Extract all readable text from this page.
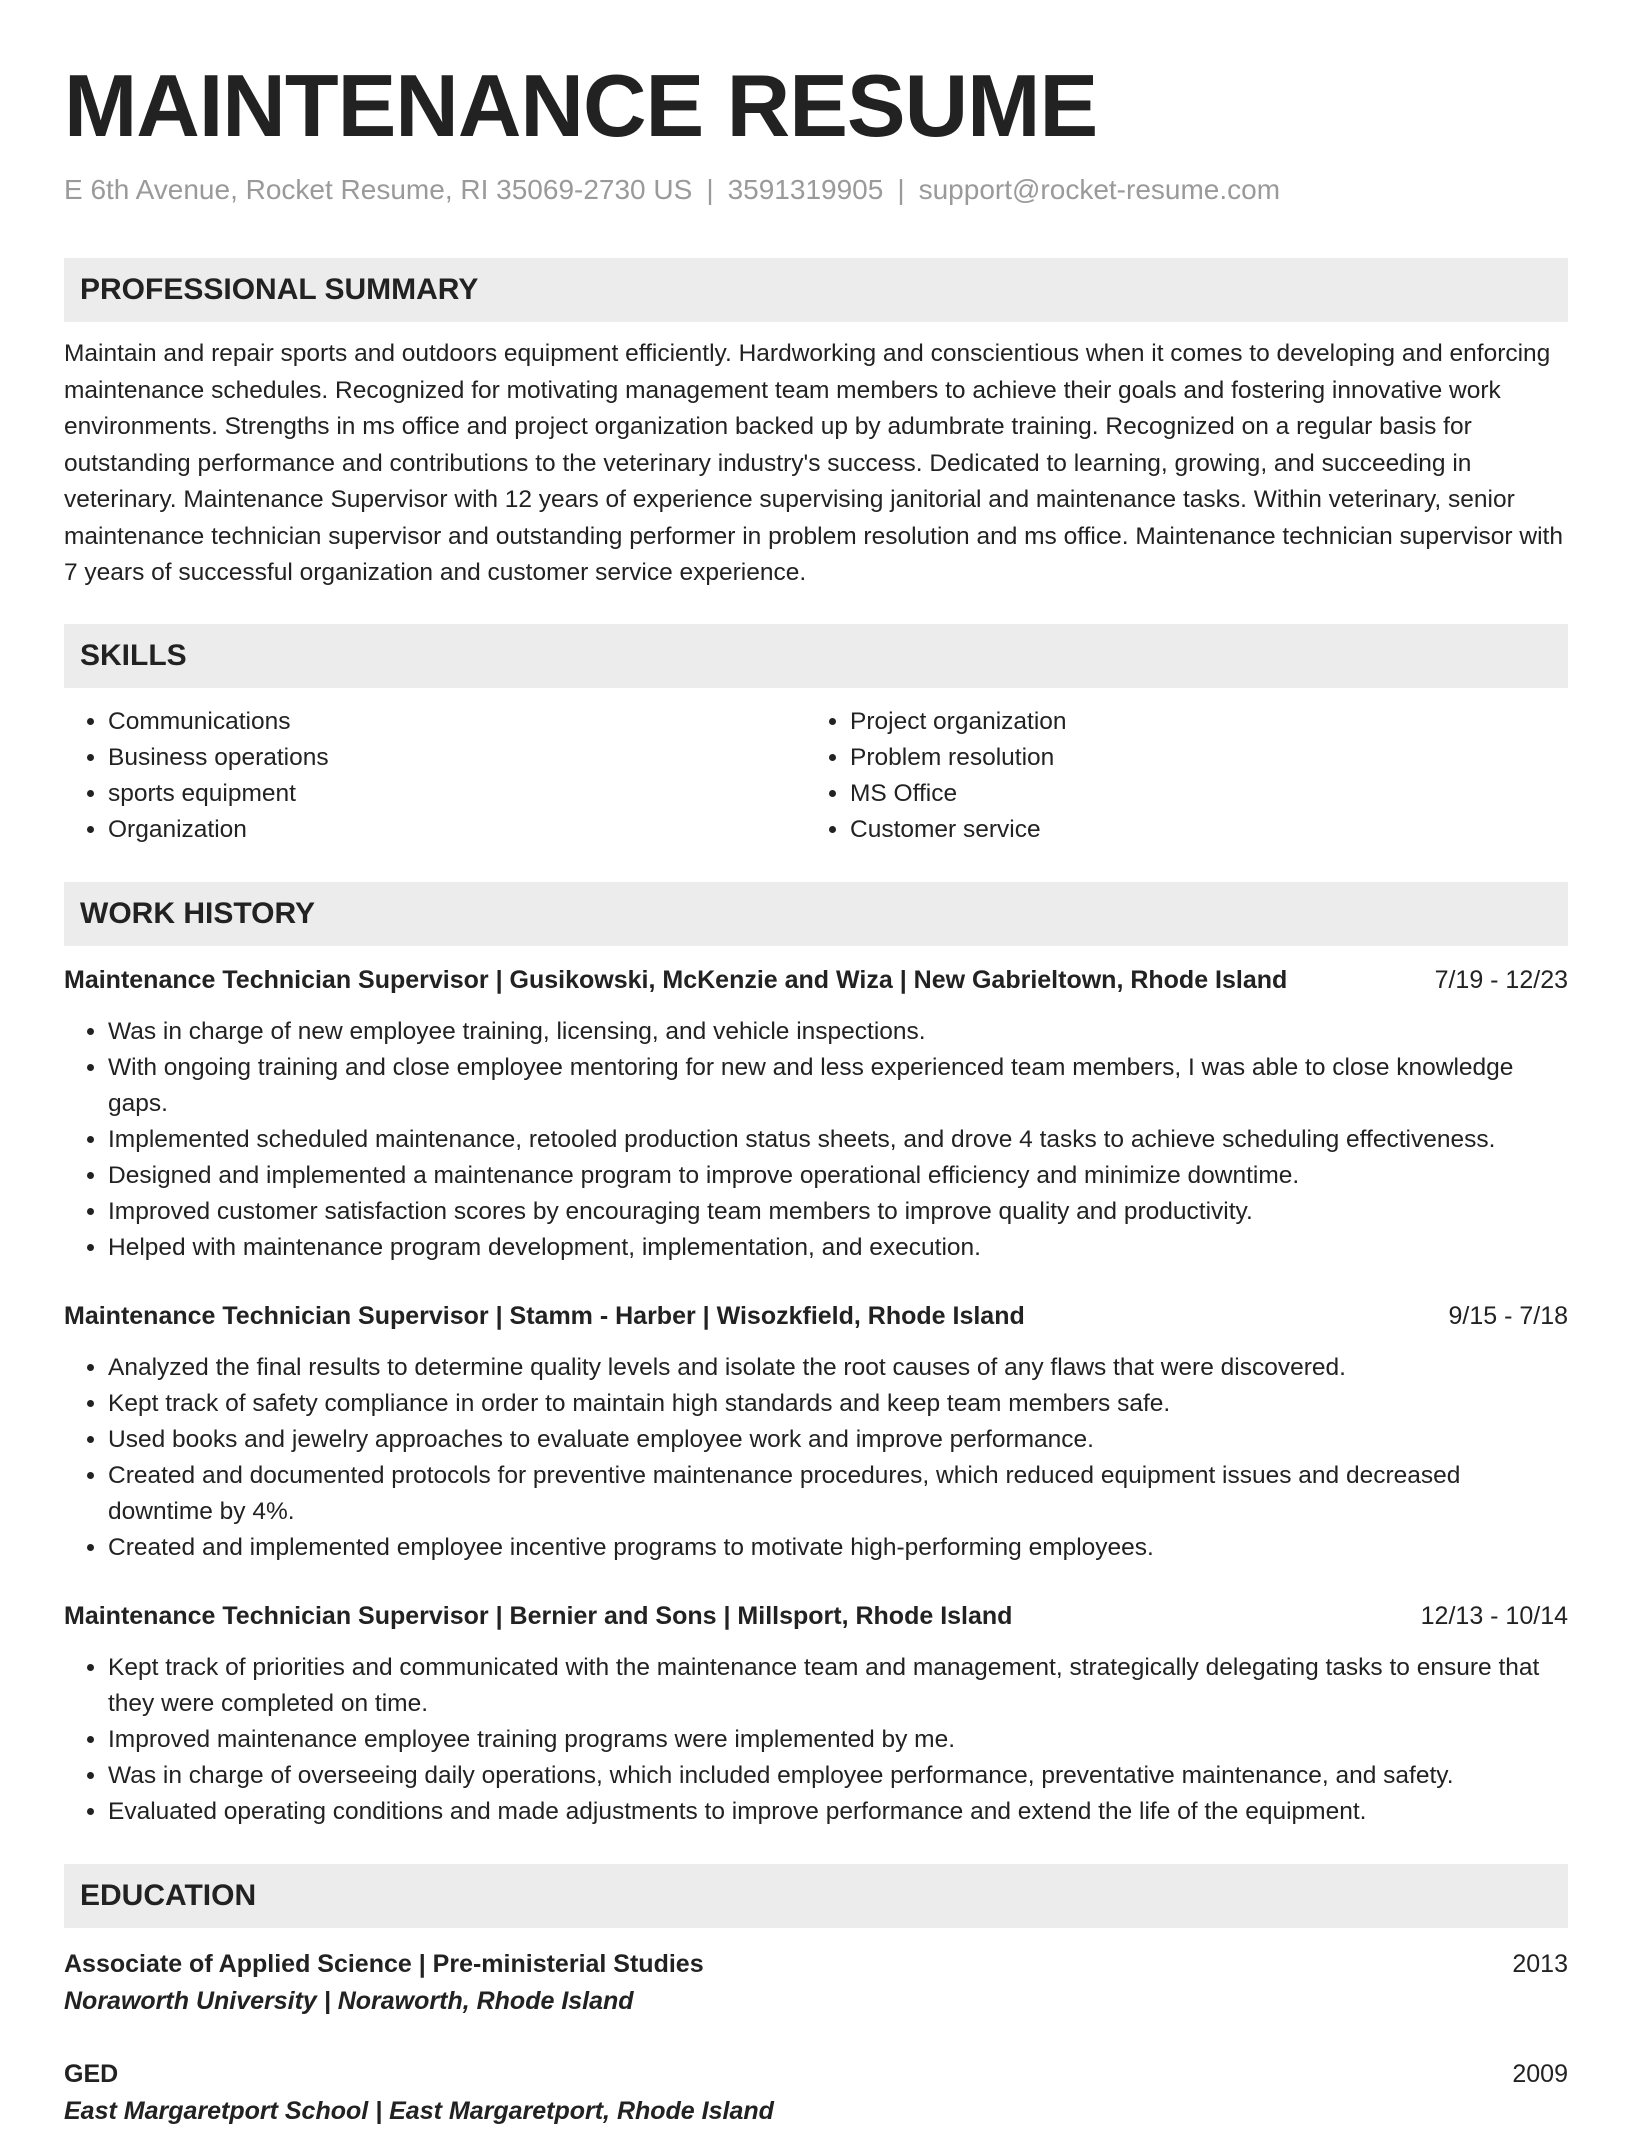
MAINTENANCE RESUME
E 6th Avenue, Rocket Resume, RI 35069-2730 US | 3591319905 | support@rocket-resume.com
PROFESSIONAL SUMMARY
Maintain and repair sports and outdoors equipment efficiently. Hardworking and conscientious when it comes to developing and enforcing maintenance schedules. Recognized for motivating management team members to achieve their goals and fostering innovative work environments. Strengths in ms office and project organization backed up by adumbrate training. Recognized on a regular basis for outstanding performance and contributions to the veterinary industry's success. Dedicated to learning, growing, and succeeding in veterinary. Maintenance Supervisor with 12 years of experience supervising janitorial and maintenance tasks. Within veterinary, senior maintenance technician supervisor and outstanding performer in problem resolution and ms office. Maintenance technician supervisor with 7 years of successful organization and customer service experience.
SKILLS
• Communications
• Business operations
• sports equipment
• Organization
• Project organization
• Problem resolution
• MS Office
• Customer service
WORK HISTORY
Maintenance Technician Supervisor | Gusikowski, McKenzie and Wiza | New Gabrieltown, Rhode Island	7/19 - 12/23
• Was in charge of new employee training, licensing, and vehicle inspections.
• With ongoing training and close employee mentoring for new and less experienced team members, I was able to close knowledge gaps.
• Implemented scheduled maintenance, retooled production status sheets, and drove 4 tasks to achieve scheduling effectiveness.
• Designed and implemented a maintenance program to improve operational efficiency and minimize downtime.
• Improved customer satisfaction scores by encouraging team members to improve quality and productivity.
• Helped with maintenance program development, implementation, and execution.
Maintenance Technician Supervisor | Stamm - Harber | Wisozkfield, Rhode Island	9/15 - 7/18
• Analyzed the final results to determine quality levels and isolate the root causes of any flaws that were discovered.
• Kept track of safety compliance in order to maintain high standards and keep team members safe.
• Used books and jewelry approaches to evaluate employee work and improve performance.
• Created and documented protocols for preventive maintenance procedures, which reduced equipment issues and decreased downtime by 4%.
• Created and implemented employee incentive programs to motivate high-performing employees.
Maintenance Technician Supervisor | Bernier and Sons | Millsport, Rhode Island	12/13 - 10/14
• Kept track of priorities and communicated with the maintenance team and management, strategically delegating tasks to ensure that they were completed on time.
• Improved maintenance employee training programs were implemented by me.
• Was in charge of overseeing daily operations, which included employee performance, preventative maintenance, and safety.
• Evaluated operating conditions and made adjustments to improve performance and extend the life of the equipment.
EDUCATION
Associate of Applied Science | Pre-ministerial Studies	2013
Noraworth University | Noraworth, Rhode Island
GED	2009
East Margaretport School | East Margaretport, Rhode Island
